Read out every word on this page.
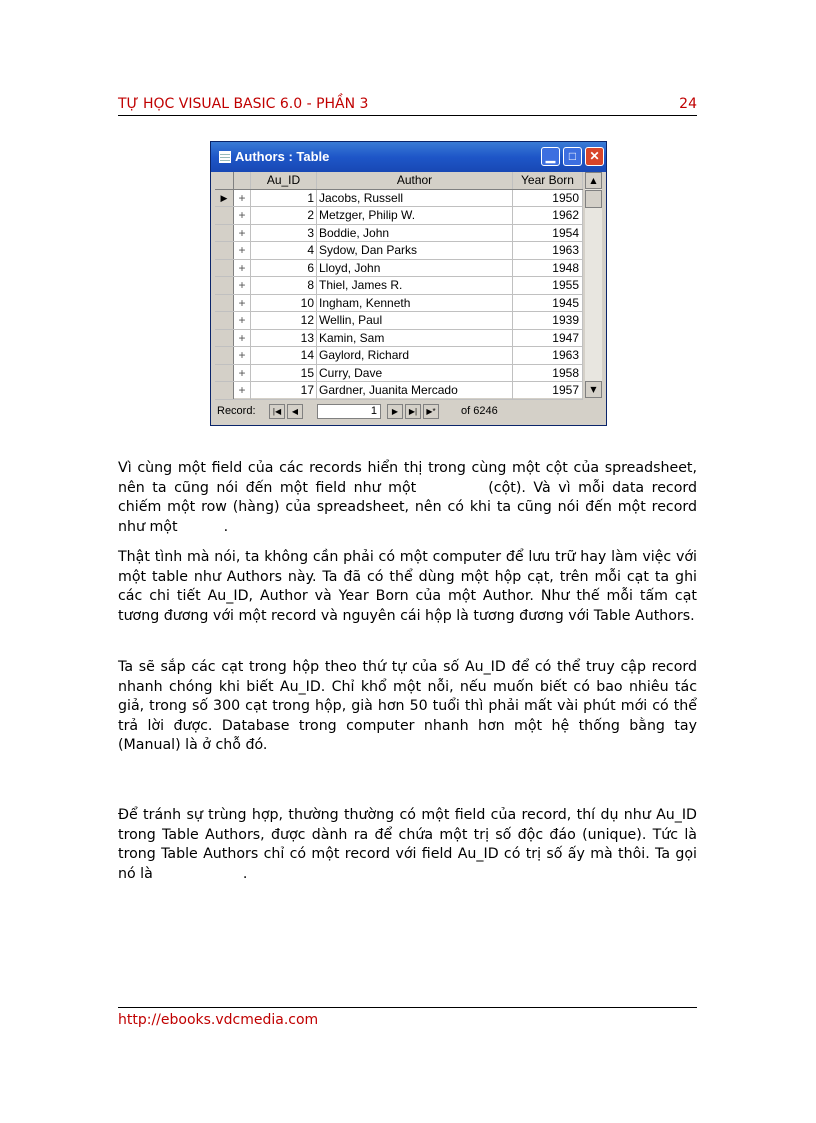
TỰ HỌC VISUAL BASIC 6.0 - PHẦN 3	24
Authors : Table	▁	□	✕
Au_ID	Author	Year Born
▶ +	1 Jacobs, Russell	1950
+	2 Metzger, Philip W.	1962
+	3 Boddie, John	1954
+	4 Sydow, Dan Parks	1963
+	6 Lloyd, John	1948
+	8 Thiel, James R.	1955
+	10 Ingham, Kenneth	1945
+	12 Wellin, Paul	1939
+	13 Kamin, Sam	1947
+	14 Gaylord, Richard	1963
+	15 Curry, Dave	1958
+	17 Gardner, Juanita Mercado	1957
▲
▼
Record:	|◀	◀	1	▶	▶|	▶*	of 6246

Vì cùng một field của các records hiển thị trong cùng một cột của spreadsheet, nên ta cũng nói đến một field như một	(cột). Và vì mỗi data record chiếm một row (hàng) của spreadsheet, nên có khi ta cũng nói đến một record như một	.

Thật tình mà nói, ta không cần phải có một computer để lưu trữ hay làm việc với một table như Authors này. Ta đã có thể dùng một hộp cạt, trên mỗi cạt ta ghi các chi tiết Au_ID, Author và Year Born của một Author. Như thế mỗi tấm cạt tương đương với một record và nguyên cái hộp là tương đương với Table Authors.

Ta sẽ sắp các cạt trong hộp theo thứ tự của số Au_ID để có thể truy cập record nhanh chóng khi biết Au_ID. Chỉ khổ một nỗi, nếu muốn biết có bao nhiêu tác giả, trong số 300 cạt trong hộp, già hơn 50 tuổi thì phải mất vài phút mới có thể trả lời được. Database trong computer nhanh hơn một hệ thống bằng tay (Manual) là ở chỗ đó.

Để tránh sự trùng hợp, thường thường có một field của record, thí dụ như Au_ID trong Table Authors, được dành ra để chứa một trị số độc đáo (unique). Tức là trong Table Authors chỉ có một record với field Au_ID có trị số ấy mà thôi. Ta gọi nó là	.

http://ebooks.vdcmedia.com
